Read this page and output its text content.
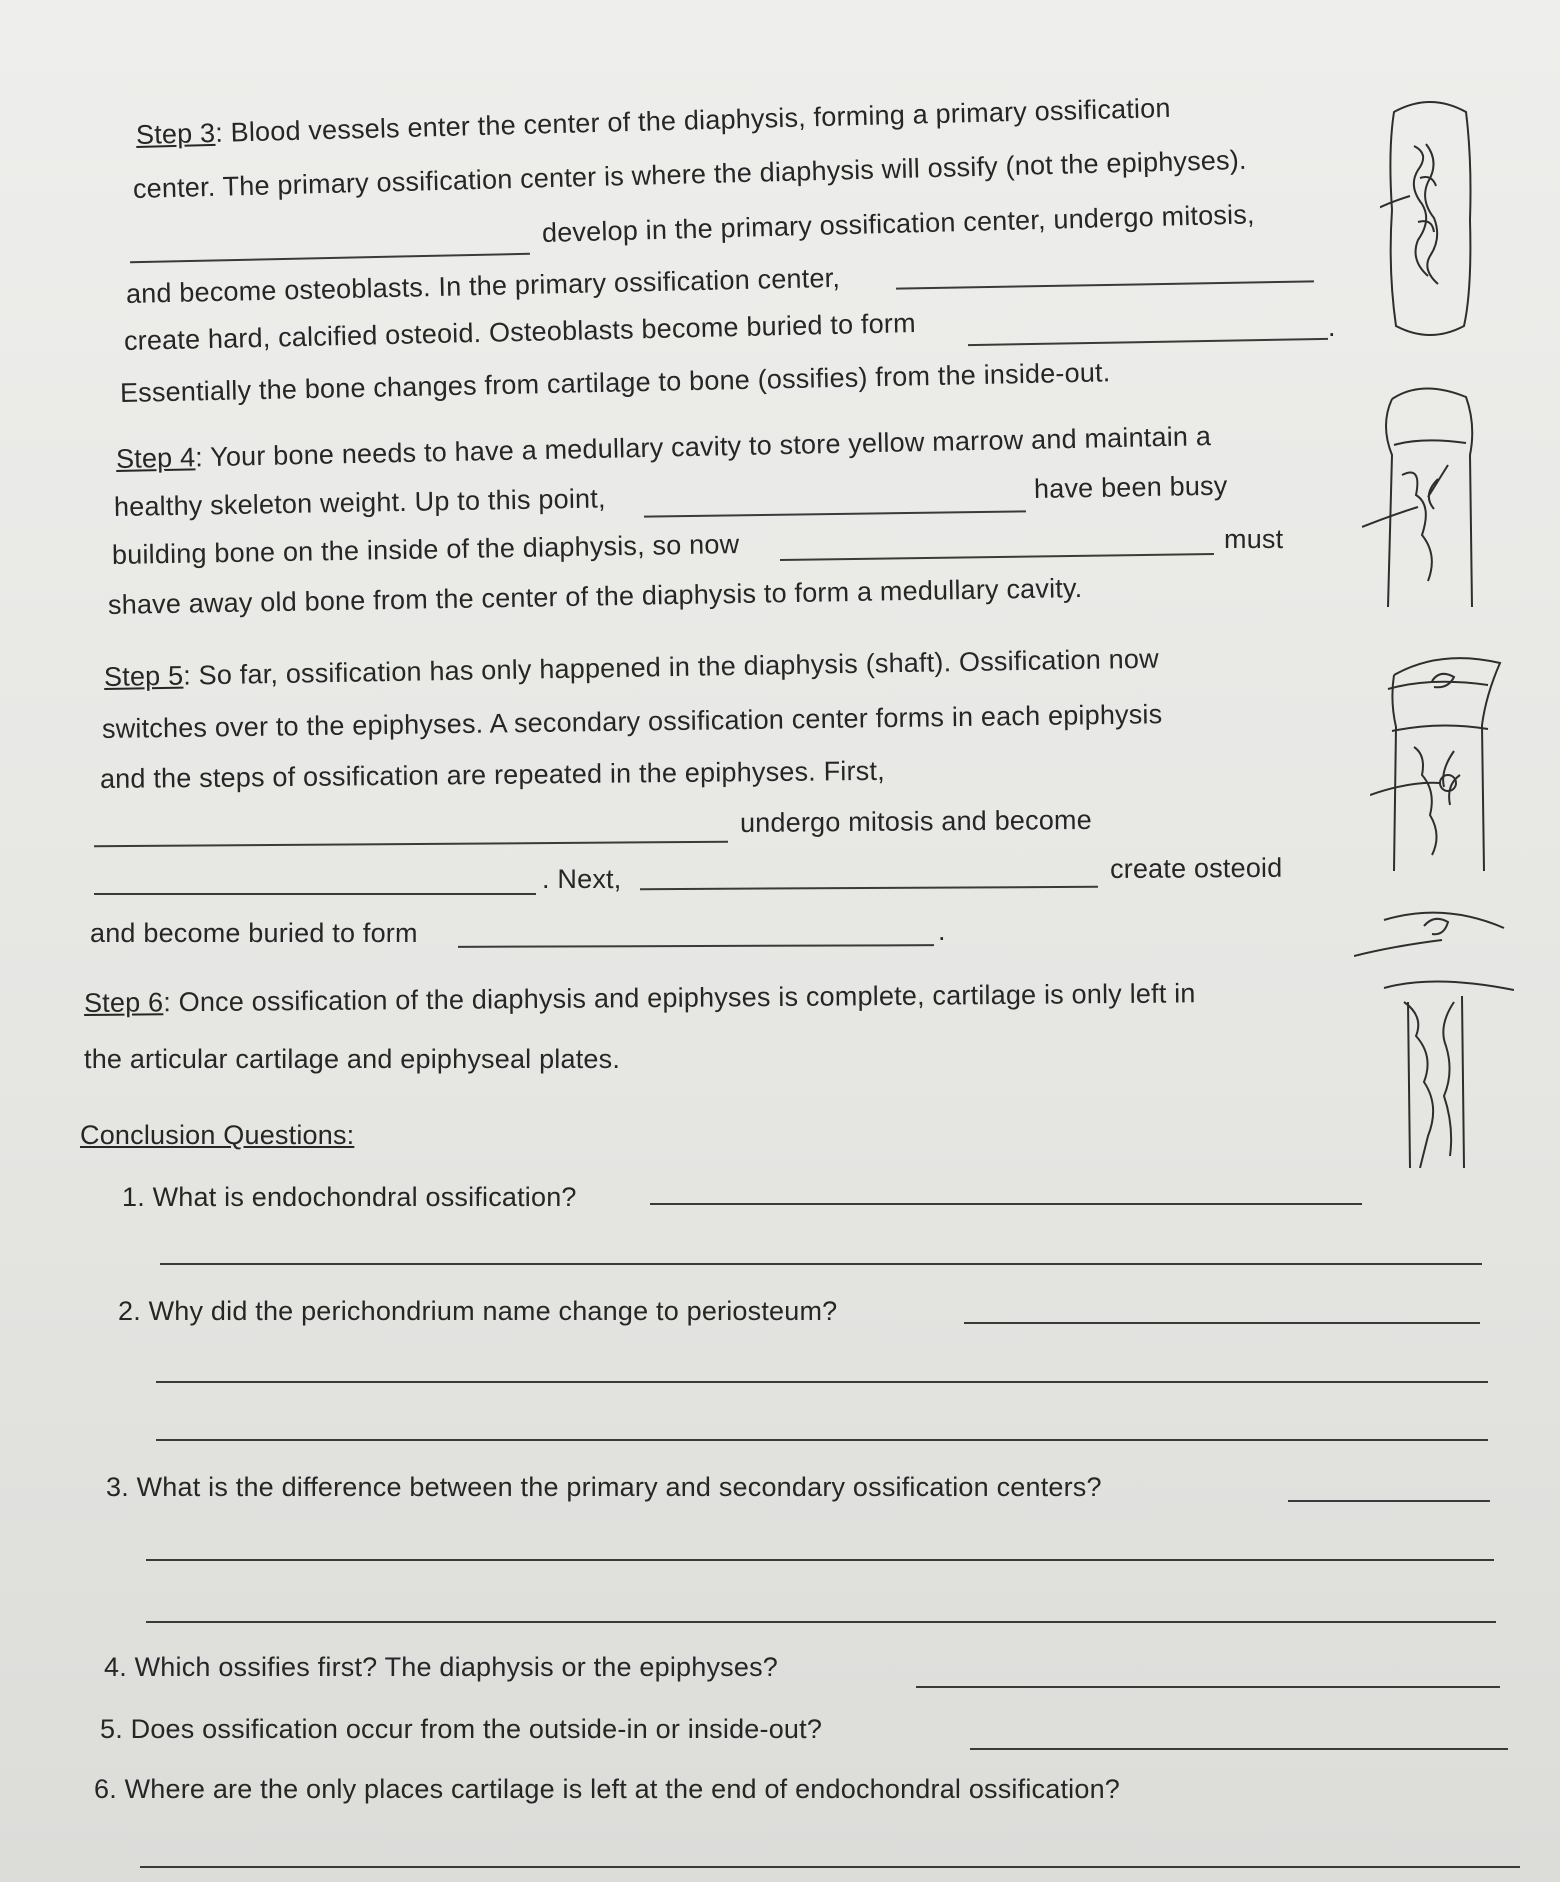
Step 3: Blood vessels enter the center of the diaphysis, forming a primary ossification
center. The primary ossification center is where the diaphysis will ossify (not the epiphyses).
develop in the primary ossification center, undergo mitosis,
and become osteoblasts. In the primary ossification center,
create hard, calcified osteoid. Osteoblasts become buried to form	.
Essentially the bone changes from cartilage to bone (ossifies) from the inside-out.
Step 4: Your bone needs to have a medullary cavity to store yellow marrow and maintain a
healthy skeleton weight. Up to this point,	have been busy
building bone on the inside of the diaphysis, so now	must
shave away old bone from the center of the diaphysis to form a medullary cavity.
Step 5: So far, ossification has only happened in the diaphysis (shaft). Ossification now
switches over to the epiphyses. A secondary ossification center forms in each epiphysis
and the steps of ossification are repeated in the epiphyses. First,
undergo mitosis and become
. Next,	create osteoid
and become buried to form	.
Step 6: Once ossification of the diaphysis and epiphyses is complete, cartilage is only left in
the articular cartilage and epiphyseal plates.
Conclusion Questions:
1. What is endochondral ossification?
2. Why did the perichondrium name change to periosteum?
3. What is the difference between the primary and secondary ossification centers?
4. Which ossifies first? The diaphysis or the epiphyses?
5. Does ossification occur from the outside-in or inside-out?
6. Where are the only places cartilage is left at the end of endochondral ossification?
